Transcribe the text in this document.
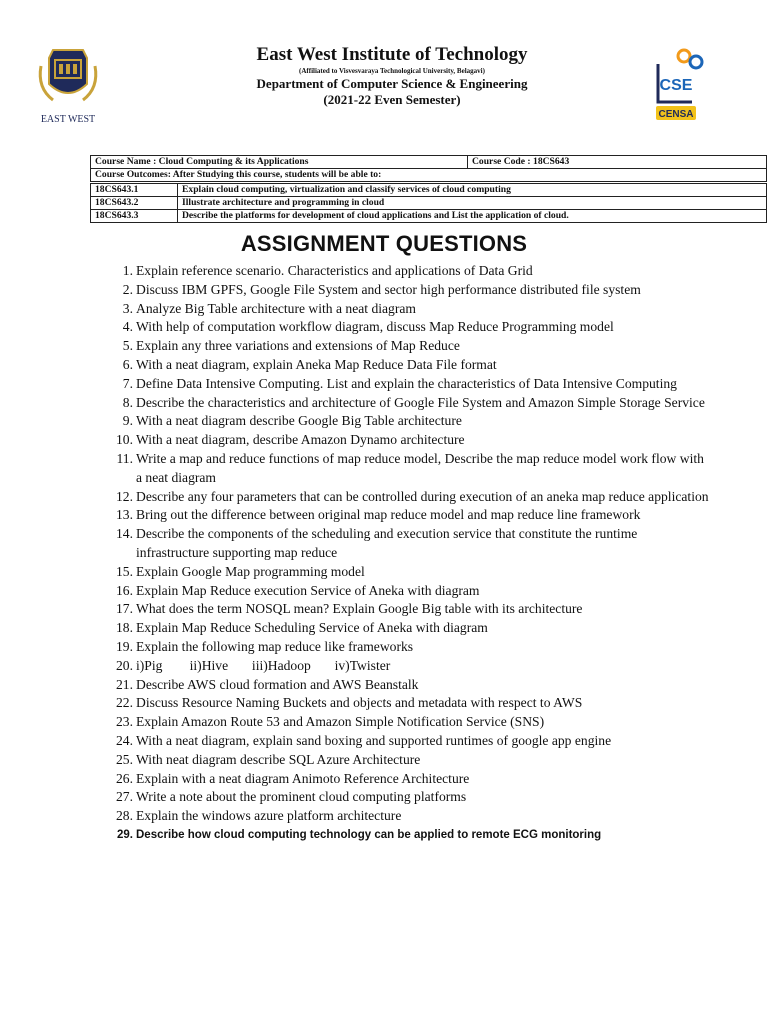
EAST WEST
East West Institute of Technology
(Affiliated to Visvesvaraya Technological University, Belagavi)
Department of Computer Science & Engineering
(2021-22 Even Semester)
CSE
CENSA
Course Name : Cloud Computing & its Applications	Course Code : 18CS643
Course Outcomes: After Studying this course, students will be able to:
18CS643.1	Explain cloud computing, virtualization and classify services of cloud computing
18CS643.2	Illustrate architecture and programming in cloud
18CS643.3	Describe the platforms for development of cloud applications and List the application of cloud.
ASSIGNMENT QUESTIONS
1. Explain reference scenario. Characteristics and applications of Data Grid
2. Discuss IBM GPFS, Google File System and sector high performance distributed file system
3. Analyze Big Table architecture with a neat diagram
4. With help of computation workflow diagram, discuss Map Reduce Programming model
5. Explain any three variations and extensions of Map Reduce
6. With a neat diagram, explain Aneka Map Reduce Data File format
7. Define Data Intensive Computing. List and explain the characteristics of Data Intensive Computing
8. Describe the characteristics and architecture of Google File System and Amazon Simple Storage Service
9. With a neat diagram describe Google Big Table architecture
10. With a neat diagram, describe Amazon Dynamo architecture
11. Write a map and reduce functions of map reduce model, Describe the map reduce model work flow with a neat diagram
12. Describe any four parameters that can be controlled during execution of an aneka map reduce application
13. Bring out the difference between original map reduce model and map reduce line framework
14. Describe the components of the scheduling and execution service that constitute the runtime infrastructure supporting map reduce
15. Explain Google Map programming model
16. Explain Map Reduce execution Service of Aneka with diagram
17. What does the term NOSQL mean? Explain Google Big table with its architecture
18. Explain Map Reduce Scheduling Service of Aneka with diagram
19. Explain the following map reduce like frameworks
20. i)Pig        ii)Hive       iii)Hadoop       iv)Twister
21. Describe AWS cloud formation and AWS Beanstalk
22. Discuss Resource Naming Buckets and objects and metadata with respect to AWS
23. Explain Amazon Route 53 and Amazon Simple Notification Service (SNS)
24. With a neat diagram, explain sand boxing and supported runtimes of google app engine
25. With neat diagram describe SQL Azure Architecture
26. Explain with a neat diagram Animoto Reference Architecture
27. Write a note about the prominent cloud computing platforms
28. Explain the windows azure platform architecture
29. Describe how cloud computing technology can be applied to remote ECG monitoring
